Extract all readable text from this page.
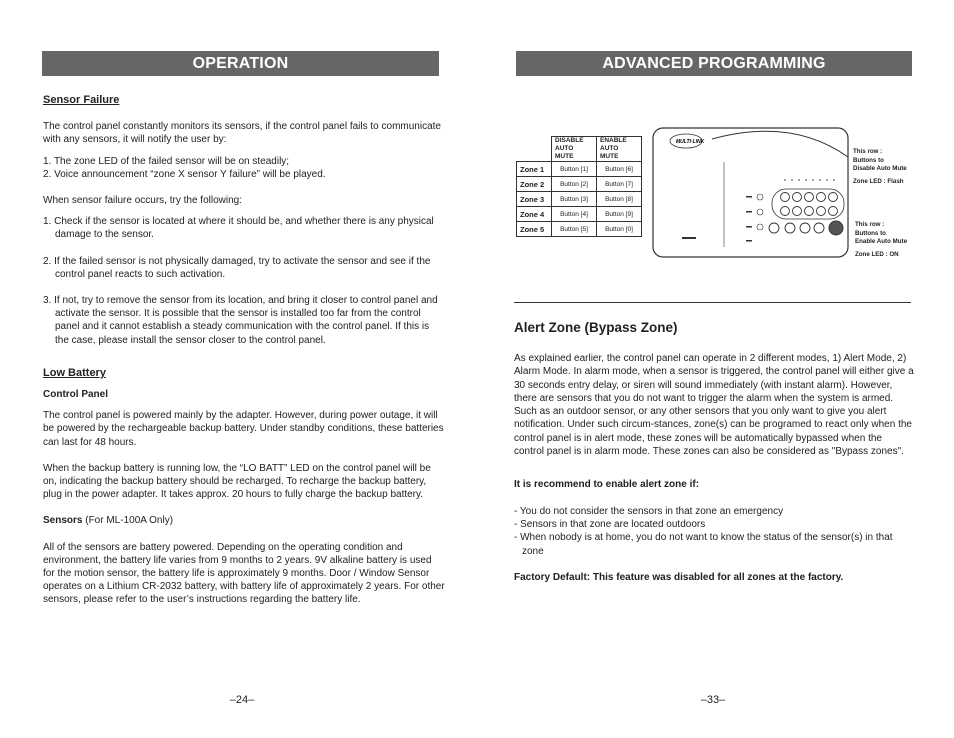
OPERATION

Sensor Failure

The control panel constantly monitors its sensors, if the control panel fails to communicate with any sensors, it will notify the user by:

1. The zone LED of the failed sensor will be on steadily;

2. Voice announcement “zone X sensor Y failure” will be played.

When sensor failure occurs, try the following:

1. Check if the sensor is located at where it should be, and whether there is any physical damage to the sensor.

2. If the failed sensor is not physically damaged, try to activate the sensor and see if the control panel reacts to such activation.

3. If not, try to remove the sensor from its location, and bring it closer to control panel and activate the sensor. It is possible that the sensor is installed too far from the control panel and it cannot establish a steady communication with the control panel. If this is the case, please install the sensor closer to the control panel.

Low Battery

Control Panel

The control panel is powered mainly by the adapter. However, during power outage, it will be powered by the rechargeable backup battery. Under standby conditions, these batteries can last for 48 hours.

When the backup battery is running low, the “LO BATT” LED on the control panel will be on, indicating the backup battery should be recharged. To recharge the backup battery, plug in the power adapter. It takes approx. 20 hours to fully charge the backup battery.

Sensors (For ML-100A Only)

All of the sensors are battery powered. Depending on the operating condition and environment, the battery life varies from 9 months to 2 years. 9V alkaline battery is used for the motion sensor, the battery life is approximately 9 months. Door / Window Sensor operates on a Lithium CR-2032 battery, with battery life of approximately 2 years. For other sensors, please refer to the user’s instructions regarding the battery life.

–24–
ADVANCED PROGRAMMING
	DISABLE AUTO MUTE	ENABLE AUTO MUTE
Zone 1	Button [1]	Button [6]
Zone 2	Button [2]	Button [7]
Zone 3	Button [3]	Button [8]
Zone 4	Button [4]	Button [9]
Zone 5	Button [5]	Button [0]
MULTI·LINK
This row :
Buttons to
Disable Auto Mute
Zone LED : Flash
This row :
Buttons to
Enable Auto Mute
Zone LED : ON
Alert Zone (Bypass Zone)

As explained earlier, the control panel can operate in 2 different modes, 1) Alert Mode, 2) Alarm Mode. In alarm mode, when a sensor is triggered, the control panel will either give a 30 seconds entry delay, or siren will sound immediately (with instant alarm). However, there are sensors that you do not want to trigger the alarm when the system is armed. Such as an outdoor sensor, or any other sensors that you only want to give you alert notification. Under such circum-stances, zone(s) can be programed to react only when the control panel is in alert mode, these zones will be automatically bypassed when the control panel is in alarm mode. These zones can also be considered as "Bypass zones".

It is recommend to enable alert zone if:

- You do not consider the sensors in that zone an emergency

- Sensors in that zone are located outdoors

- When nobody is at home, you do not want to know the status of the sensor(s) in that zone

Factory Default: This feature was disabled for all zones at the factory.

–33–
